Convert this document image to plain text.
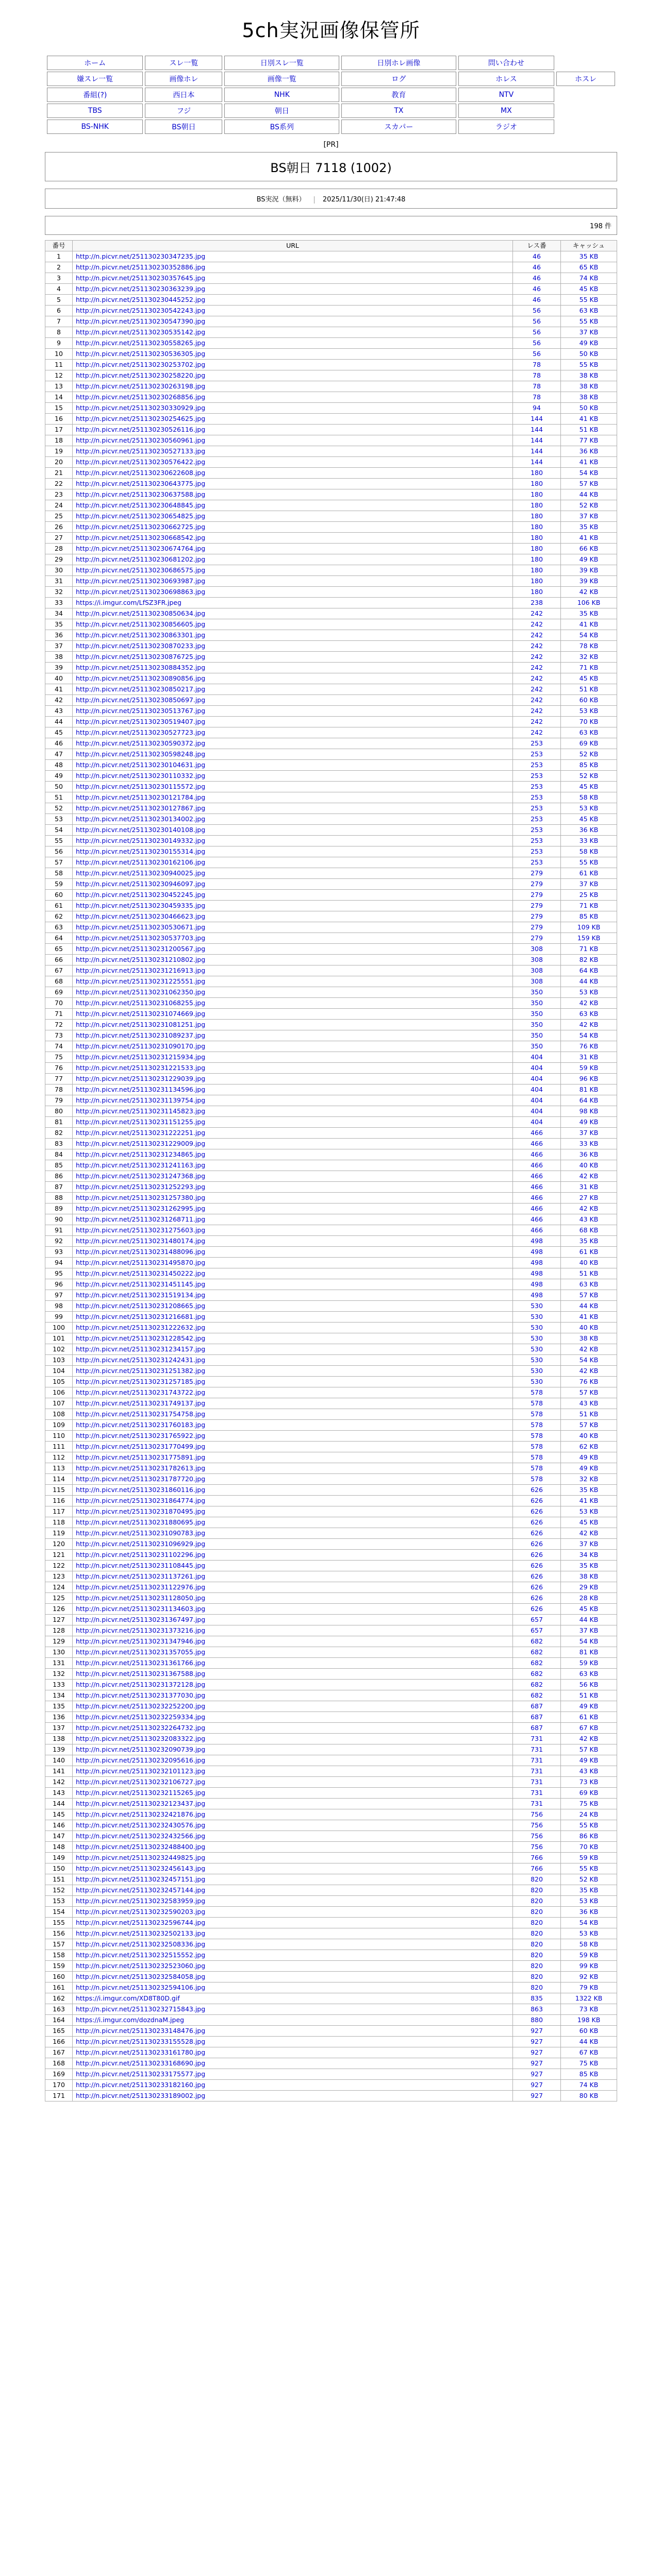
5ch実況画像保管所
ホーム	スレ一覧	日別スレ一覧	日別ホレ画像	問い合わせ	
嫌スレ一覧	画像ホレ	画像一覧	ログ	ホレス	ホスレ
番組(?)	西日本	NHK	教育	NTV	
TBS	フジ	朝日	TX	MX	
BS-NHK	BS朝日	BS系列	スカパー	ラジオ	
[PR]
BS朝日 7118 (1002)
BS実況（無料）	2025/11/30(日) 21:47:48
198 件
番号	URL	レス番	キャッシュ
1	http://n.picvr.net/251130230347235.jpg	46	35 KB
2	http://n.picvr.net/251130230352886.jpg	46	65 KB
3	http://n.picvr.net/251130230357645.jpg	46	74 KB
4	http://n.picvr.net/251130230363239.jpg	46	45 KB
5	http://n.picvr.net/251130230445252.jpg	46	55 KB
6	http://n.picvr.net/251130230542243.jpg	56	63 KB
7	http://n.picvr.net/251130230547390.jpg	56	55 KB
8	http://n.picvr.net/251130230535142.jpg	56	37 KB
9	http://n.picvr.net/251130230558265.jpg	56	49 KB
10	http://n.picvr.net/251130230536305.jpg	56	50 KB
11	http://n.picvr.net/251130230253702.jpg	78	55 KB
12	http://n.picvr.net/251130230258220.jpg	78	38 KB
13	http://n.picvr.net/251130230263198.jpg	78	38 KB
14	http://n.picvr.net/251130230268856.jpg	78	38 KB
15	http://n.picvr.net/251130230330929.jpg	94	50 KB
16	http://n.picvr.net/251130230254625.jpg	144	41 KB
17	http://n.picvr.net/251130230526116.jpg	144	51 KB
18	http://n.picvr.net/251130230560961.jpg	144	77 KB
19	http://n.picvr.net/251130230527133.jpg	144	36 KB
20	http://n.picvr.net/251130230576422.jpg	144	41 KB
21	http://n.picvr.net/251130230622608.jpg	180	54 KB
22	http://n.picvr.net/251130230643775.jpg	180	57 KB
23	http://n.picvr.net/251130230637588.jpg	180	44 KB
24	http://n.picvr.net/251130230648845.jpg	180	52 KB
25	http://n.picvr.net/251130230654825.jpg	180	37 KB
26	http://n.picvr.net/251130230662725.jpg	180	35 KB
27	http://n.picvr.net/251130230668542.jpg	180	41 KB
28	http://n.picvr.net/251130230674764.jpg	180	66 KB
29	http://n.picvr.net/251130230681202.jpg	180	49 KB
30	http://n.picvr.net/251130230686575.jpg	180	39 KB
31	http://n.picvr.net/251130230693987.jpg	180	39 KB
32	http://n.picvr.net/251130230698863.jpg	180	42 KB
33	https://i.imgur.com/LfSZ3FR.jpeg	238	106 KB
34	http://n.picvr.net/251130230850634.jpg	242	35 KB
35	http://n.picvr.net/251130230856605.jpg	242	41 KB
36	http://n.picvr.net/251130230863301.jpg	242	54 KB
37	http://n.picvr.net/251130230870233.jpg	242	78 KB
38	http://n.picvr.net/251130230876725.jpg	242	32 KB
39	http://n.picvr.net/251130230884352.jpg	242	71 KB
40	http://n.picvr.net/251130230890856.jpg	242	45 KB
41	http://n.picvr.net/251130230850217.jpg	242	51 KB
42	http://n.picvr.net/251130230850697.jpg	242	60 KB
43	http://n.picvr.net/251130230513767.jpg	242	53 KB
44	http://n.picvr.net/251130230519407.jpg	242	70 KB
45	http://n.picvr.net/251130230527723.jpg	242	63 KB
46	http://n.picvr.net/251130230590372.jpg	253	69 KB
47	http://n.picvr.net/251130230598248.jpg	253	52 KB
48	http://n.picvr.net/251130230104631.jpg	253	85 KB
49	http://n.picvr.net/251130230110332.jpg	253	52 KB
50	http://n.picvr.net/251130230115572.jpg	253	45 KB
51	http://n.picvr.net/251130230121784.jpg	253	58 KB
52	http://n.picvr.net/251130230127867.jpg	253	53 KB
53	http://n.picvr.net/251130230134002.jpg	253	45 KB
54	http://n.picvr.net/251130230140108.jpg	253	36 KB
55	http://n.picvr.net/251130230149332.jpg	253	33 KB
56	http://n.picvr.net/251130230155314.jpg	253	58 KB
57	http://n.picvr.net/251130230162106.jpg	253	55 KB
58	http://n.picvr.net/251130230940025.jpg	279	61 KB
59	http://n.picvr.net/251130230946097.jpg	279	37 KB
60	http://n.picvr.net/251130230452245.jpg	279	25 KB
61	http://n.picvr.net/251130230459335.jpg	279	71 KB
62	http://n.picvr.net/251130230466623.jpg	279	85 KB
63	http://n.picvr.net/251130230530671.jpg	279	109 KB
64	http://n.picvr.net/251130230537703.jpg	279	159 KB
65	http://n.picvr.net/251130231200567.jpg	308	71 KB
66	http://n.picvr.net/251130231210802.jpg	308	82 KB
67	http://n.picvr.net/251130231216913.jpg	308	64 KB
68	http://n.picvr.net/251130231225551.jpg	308	44 KB
69	http://n.picvr.net/251130231062350.jpg	350	53 KB
70	http://n.picvr.net/251130231068255.jpg	350	42 KB
71	http://n.picvr.net/251130231074669.jpg	350	63 KB
72	http://n.picvr.net/251130231081251.jpg	350	42 KB
73	http://n.picvr.net/251130231089237.jpg	350	54 KB
74	http://n.picvr.net/251130231090170.jpg	350	76 KB
75	http://n.picvr.net/251130231215934.jpg	404	31 KB
76	http://n.picvr.net/251130231221533.jpg	404	59 KB
77	http://n.picvr.net/251130231229039.jpg	404	96 KB
78	http://n.picvr.net/251130231134596.jpg	404	81 KB
79	http://n.picvr.net/251130231139754.jpg	404	64 KB
80	http://n.picvr.net/251130231145823.jpg	404	98 KB
81	http://n.picvr.net/251130231151255.jpg	404	49 KB
82	http://n.picvr.net/251130231222251.jpg	466	37 KB
83	http://n.picvr.net/251130231229009.jpg	466	33 KB
84	http://n.picvr.net/251130231234865.jpg	466	36 KB
85	http://n.picvr.net/251130231241163.jpg	466	40 KB
86	http://n.picvr.net/251130231247368.jpg	466	42 KB
87	http://n.picvr.net/251130231252293.jpg	466	31 KB
88	http://n.picvr.net/251130231257380.jpg	466	27 KB
89	http://n.picvr.net/251130231262995.jpg	466	42 KB
90	http://n.picvr.net/251130231268711.jpg	466	43 KB
91	http://n.picvr.net/251130231275603.jpg	466	68 KB
92	http://n.picvr.net/251130231480174.jpg	498	35 KB
93	http://n.picvr.net/251130231488096.jpg	498	61 KB
94	http://n.picvr.net/251130231495870.jpg	498	40 KB
95	http://n.picvr.net/251130231450222.jpg	498	51 KB
96	http://n.picvr.net/251130231451145.jpg	498	63 KB
97	http://n.picvr.net/251130231519134.jpg	498	57 KB
98	http://n.picvr.net/251130231208665.jpg	530	44 KB
99	http://n.picvr.net/251130231216681.jpg	530	41 KB
100	http://n.picvr.net/251130231222632.jpg	530	40 KB
101	http://n.picvr.net/251130231228542.jpg	530	38 KB
102	http://n.picvr.net/251130231234157.jpg	530	42 KB
103	http://n.picvr.net/251130231242431.jpg	530	54 KB
104	http://n.picvr.net/251130231251382.jpg	530	42 KB
105	http://n.picvr.net/251130231257185.jpg	530	76 KB
106	http://n.picvr.net/251130231743722.jpg	578	57 KB
107	http://n.picvr.net/251130231749137.jpg	578	43 KB
108	http://n.picvr.net/251130231754758.jpg	578	51 KB
109	http://n.picvr.net/251130231760183.jpg	578	57 KB
110	http://n.picvr.net/251130231765922.jpg	578	40 KB
111	http://n.picvr.net/251130231770499.jpg	578	62 KB
112	http://n.picvr.net/251130231775891.jpg	578	49 KB
113	http://n.picvr.net/251130231782613.jpg	578	49 KB
114	http://n.picvr.net/251130231787720.jpg	578	32 KB
115	http://n.picvr.net/251130231860116.jpg	626	35 KB
116	http://n.picvr.net/251130231864774.jpg	626	41 KB
117	http://n.picvr.net/251130231870495.jpg	626	53 KB
118	http://n.picvr.net/251130231880695.jpg	626	45 KB
119	http://n.picvr.net/251130231090783.jpg	626	42 KB
120	http://n.picvr.net/251130231096929.jpg	626	37 KB
121	http://n.picvr.net/251130231102296.jpg	626	34 KB
122	http://n.picvr.net/251130231108445.jpg	626	35 KB
123	http://n.picvr.net/251130231137261.jpg	626	38 KB
124	http://n.picvr.net/251130231122976.jpg	626	29 KB
125	http://n.picvr.net/251130231128050.jpg	626	28 KB
126	http://n.picvr.net/251130231134603.jpg	626	45 KB
127	http://n.picvr.net/251130231367497.jpg	657	44 KB
128	http://n.picvr.net/251130231373216.jpg	657	37 KB
129	http://n.picvr.net/251130231347946.jpg	682	54 KB
130	http://n.picvr.net/251130231357055.jpg	682	81 KB
131	http://n.picvr.net/251130231361766.jpg	682	59 KB
132	http://n.picvr.net/251130231367588.jpg	682	63 KB
133	http://n.picvr.net/251130231372128.jpg	682	56 KB
134	http://n.picvr.net/251130231377030.jpg	682	51 KB
135	http://n.picvr.net/251130232252200.jpg	687	49 KB
136	http://n.picvr.net/251130232259334.jpg	687	61 KB
137	http://n.picvr.net/251130232264732.jpg	687	67 KB
138	http://n.picvr.net/251130232083322.jpg	731	42 KB
139	http://n.picvr.net/251130232090739.jpg	731	57 KB
140	http://n.picvr.net/251130232095616.jpg	731	49 KB
141	http://n.picvr.net/251130232101123.jpg	731	43 KB
142	http://n.picvr.net/251130232106727.jpg	731	73 KB
143	http://n.picvr.net/251130232115265.jpg	731	69 KB
144	http://n.picvr.net/251130232123437.jpg	731	75 KB
145	http://n.picvr.net/251130232421876.jpg	756	24 KB
146	http://n.picvr.net/251130232430576.jpg	756	55 KB
147	http://n.picvr.net/251130232432566.jpg	756	86 KB
148	http://n.picvr.net/251130232488400.jpg	756	70 KB
149	http://n.picvr.net/251130232449825.jpg	766	59 KB
150	http://n.picvr.net/251130232456143.jpg	766	55 KB
151	http://n.picvr.net/251130232457151.jpg	820	52 KB
152	http://n.picvr.net/251130232457144.jpg	820	35 KB
153	http://n.picvr.net/251130232583959.jpg	820	53 KB
154	http://n.picvr.net/251130232590203.jpg	820	36 KB
155	http://n.picvr.net/251130232596744.jpg	820	54 KB
156	http://n.picvr.net/251130232502133.jpg	820	53 KB
157	http://n.picvr.net/251130232508336.jpg	820	58 KB
158	http://n.picvr.net/251130232515552.jpg	820	59 KB
159	http://n.picvr.net/251130232523060.jpg	820	99 KB
160	http://n.picvr.net/251130232584058.jpg	820	92 KB
161	http://n.picvr.net/251130232594106.jpg	820	79 KB
162	https://i.imgur.com/XD8T80D.gif	835	1322 KB
163	http://n.picvr.net/251130232715843.jpg	863	73 KB
164	https://i.imgur.com/dozdnaM.jpeg	880	198 KB
165	http://n.picvr.net/251130233148476.jpg	927	60 KB
166	http://n.picvr.net/251130233155528.jpg	927	44 KB
167	http://n.picvr.net/251130233161780.jpg	927	67 KB
168	http://n.picvr.net/251130233168690.jpg	927	75 KB
169	http://n.picvr.net/251130233175577.jpg	927	85 KB
170	http://n.picvr.net/251130233182160.jpg	927	74 KB
171	http://n.picvr.net/251130233189002.jpg	927	80 KB
